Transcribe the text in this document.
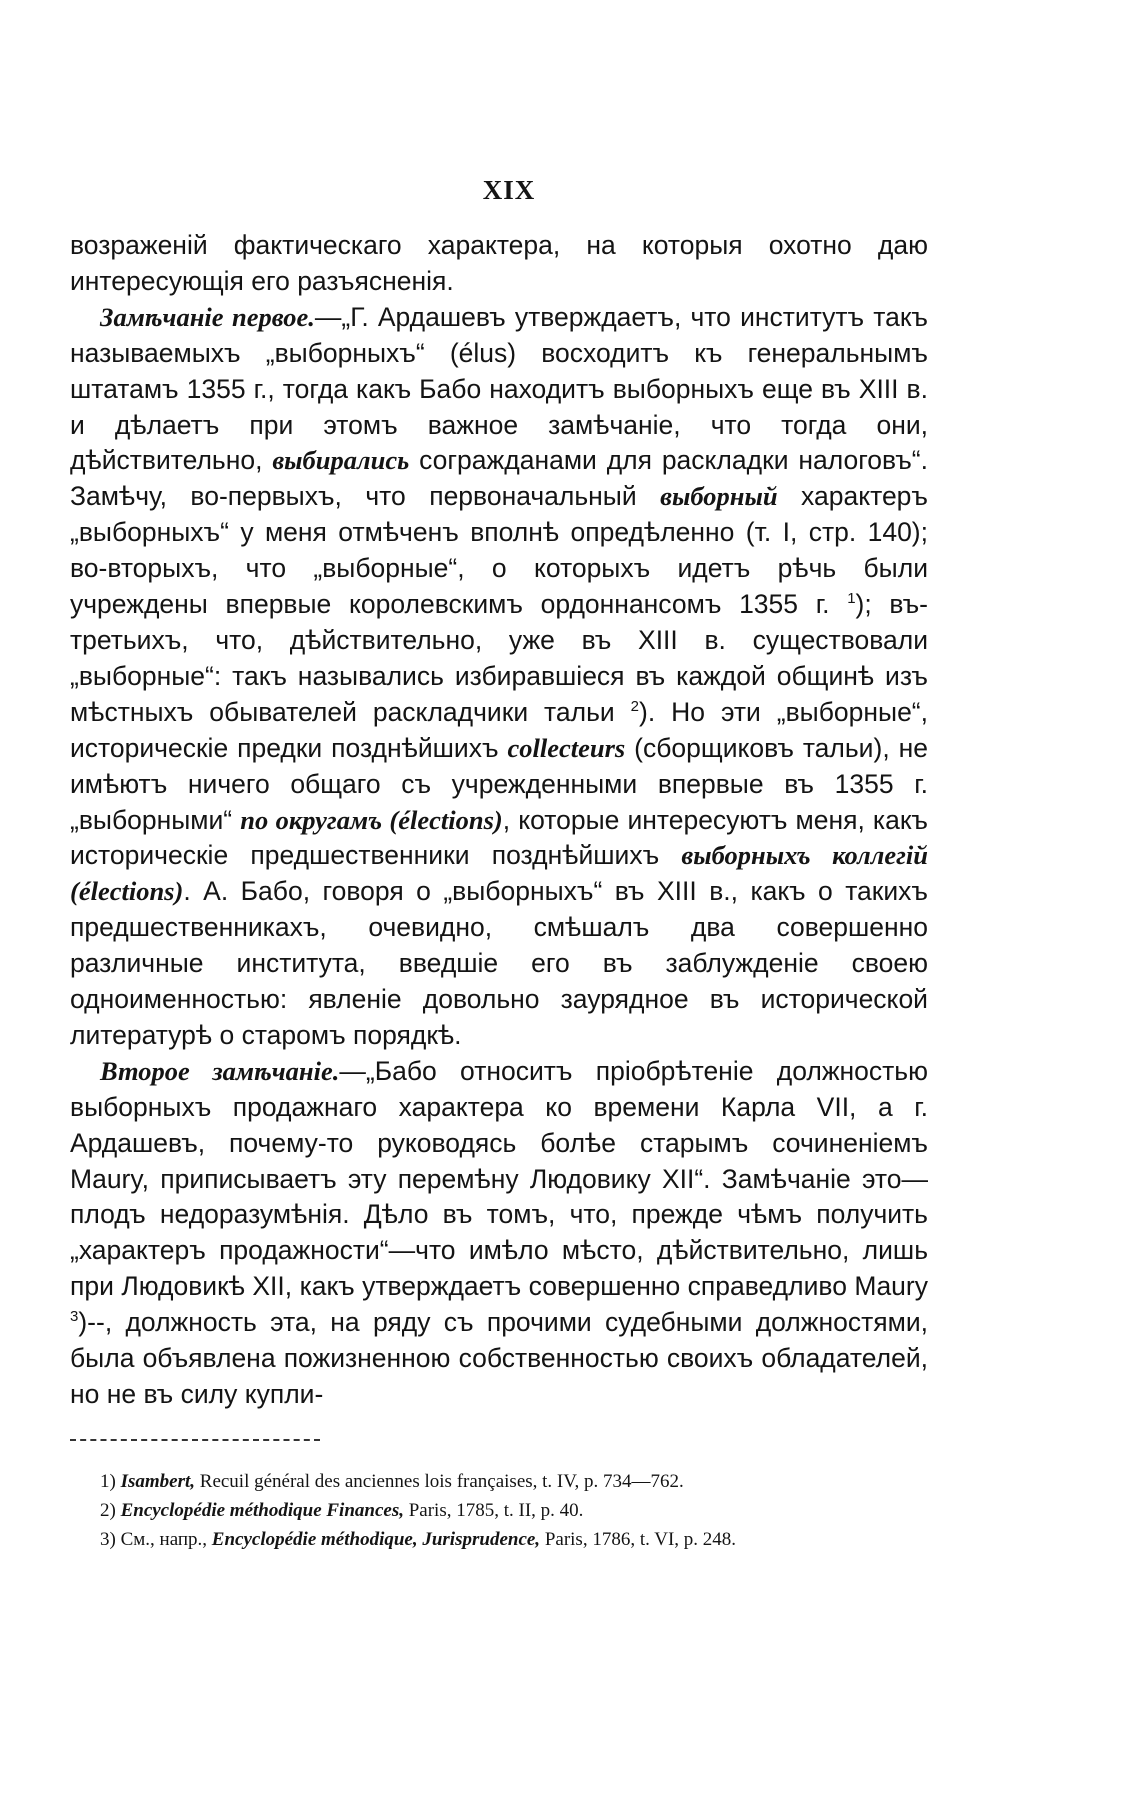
XIX

возраженій фактическаго характера, на которыя охотно даю интересующія его разъясненія.

Замѣчаніе первое.—„Г. Ардашевъ утверждаетъ, что институтъ такъ называемыхъ „выборныхъ“ (élus) восходитъ къ генеральнымъ штатамъ 1355 г., тогда какъ Бабо находитъ выборныхъ еще въ XIII в. и дѣлаетъ при этомъ важное замѣчаніе, что тогда они, дѣйствительно, выбирались согражданами для раскладки налоговъ“. Замѣчу, во-первыхъ, что первоначальный выборный характеръ „выборныхъ“ у меня отмѣченъ вполнѣ опредѣленно (т. I, стр. 140); во-вторыхъ, что „выборные“, о которыхъ идетъ рѣчь были учреждены впервые королевскимъ ордоннансомъ 1355 г. $^1$); въ-третьихъ, что, дѣйствительно, уже въ XIII в. существовали „выборные“: такъ назывались избиравшіеся въ каждой общинѣ изъ мѣстныхъ обывателей раскладчики тальи $^2$). Но эти „выборные“, историческіе предки позднѣйшихъ collecteurs (сборщиковъ тальи), не имѣютъ ничего общаго съ учрежденными впервые въ 1355 г. „выборными“ по округамъ (élections), которые интересуютъ меня, какъ историческіе предшественники позднѣйшихъ выборныхъ коллегій (élections). А. Бабо, говоря о „выборныхъ“ въ XIII в., какъ о такихъ предшественникахъ, очевидно, смѣшалъ два совершенно различные института, введшіе его въ заблужденіе своею одноименностью: явленіе довольно заурядное въ исторической литературѣ о старомъ порядкѣ.

Второе замѣчаніе.—„Бабо относитъ пріобрѣтеніе должностью выборныхъ продажнаго характера ко времени Карла VII, а г. Ардашевъ, почему-то руководясь болѣе старымъ сочиненіемъ Maury, приписываетъ эту перемѣну Людовику XII“. Замѣчаніе это—плодъ недоразумѣнія. Дѣло въ томъ, что, прежде чѣмъ получить „характеръ продажности“—что имѣло мѣсто, дѣйствительно, лишь при Людовикѣ XII, какъ утверждаетъ совершенно справедливо Maury $^3$)--, должность эта, на ряду съ прочими судебными должностями, была объявлена пожизненною собственностью своихъ обладателей, но не въ силу купли-

1) Isambert, Recuil général des anciennes lois françaises, t. IV, p. 734—762.

2) Encyclopédie méthodique Finances, Paris, 1785, t. II, p. 40.

3) См., напр., Encyclopédie méthodique, Jurisprudence, Paris, 1786, t. VI, p. 248.
